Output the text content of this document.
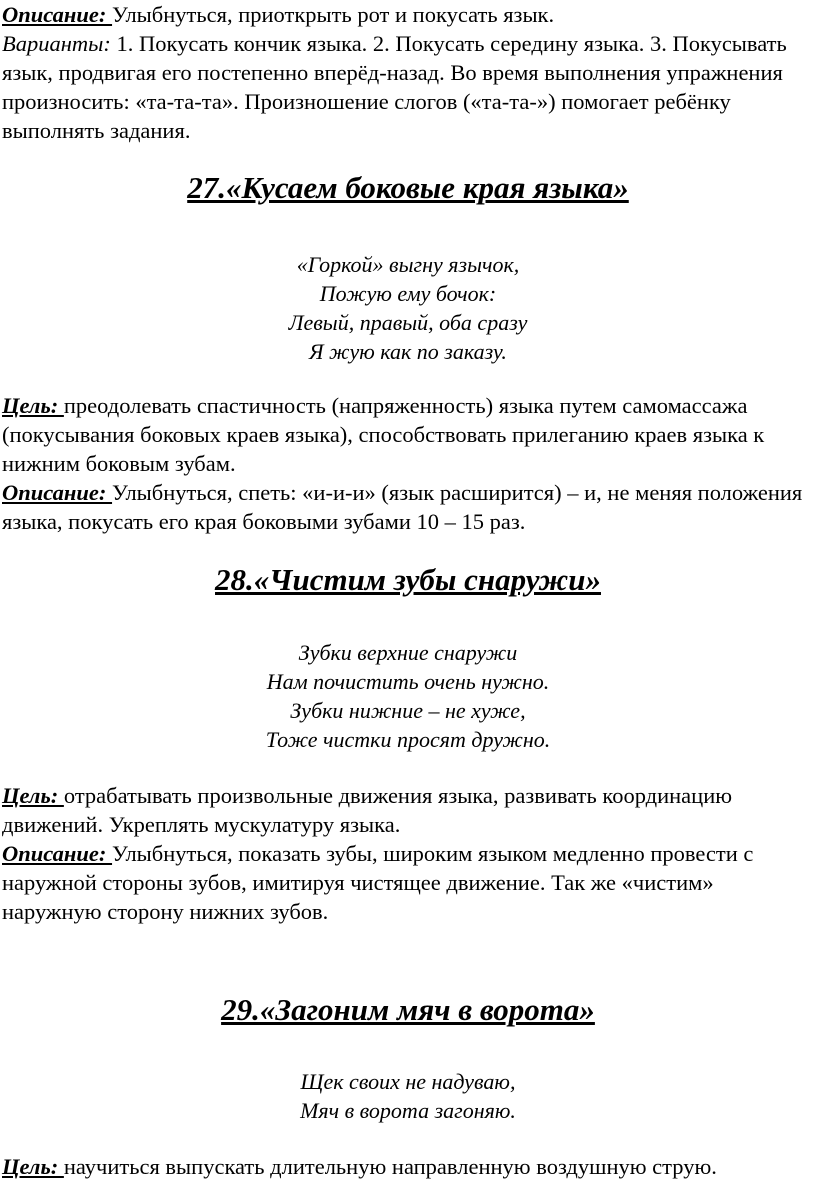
Описание: Улыбнуться, приоткрыть рот и покусать язык.
Варианты: 1. Покусать кончик языка. 2. Покусать середину языка. 3. Покусывать язык, продвигая его постепенно вперёд-назад. Во время выполнения упражнения произносить: «та-та-та». Произношение слогов («та-та-») помогает ребёнку выполнять задания.

27.«Кусаем боковые края языка»
«Горкой» выгну язычок,
Пожую ему бочок:
Левый, правый, оба сразу
Я жую как по заказу.

Цель: преодолевать спастичность (напряженность) языка путем самомассажа (покусывания боковых краев языка), способствовать прилеганию краев языка к нижним боковым зубам.

Описание: Улыбнуться, спеть: «и-и-и» (язык расширится) – и, не меняя положения языка, покусать его края боковыми зубами 10 – 15 раз.

28.«Чистим зубы снаружи»
Зубки верхние снаружи
Нам почистить очень нужно.
Зубки нижние – не хуже,
Тоже чистки просят дружно.

Цель: отрабатывать произвольные движения языка, развивать координацию движений. Укреплять мускулатуру языка.

Описание: Улыбнуться, показать зубы, широким языком медленно провести с наружной стороны зубов, имитируя чистящее движение. Так же «чистим» наружную сторону нижних зубов.

29.«Загоним мяч в ворота»
Щек своих не надуваю,
Мяч в ворота загоняю.

Цель: научиться выпускать длительную направленную воздушную струю.
